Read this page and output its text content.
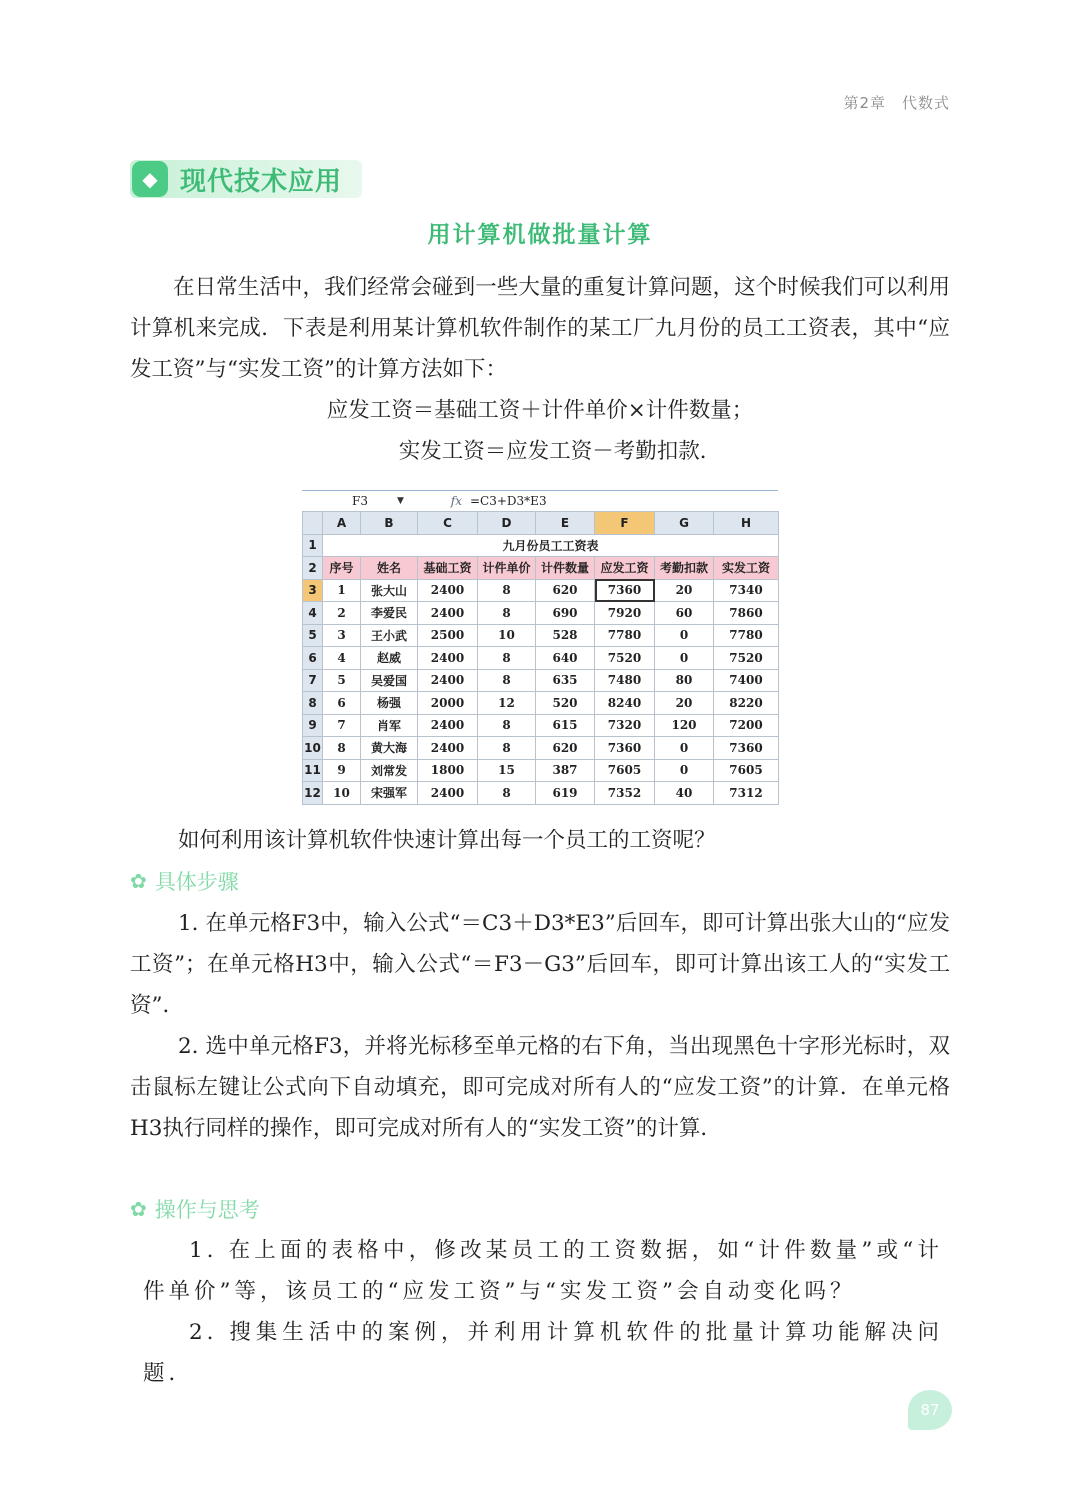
第2章　代数式
◆ 现代技术应用
用计算机做批量计算
在日常生活中，我们经常会碰到一些大量的重复计算问题，这个时候我们可以利用计算机来完成．下表是利用某计算机软件制作的某工厂九月份的员工工资表，其中“应发工资”与“实发工资”的计算方法如下：
应发工资＝基础工资＋计件单价×计件数量；
实发工资＝应发工资－考勤扣款．
F3	▼	fx =C3+D3*E3
	A	B	C	D	E	F	G	H
1	九月份员工工资表							
2	序号	姓名	基础工资	计件单价	计件数量	应发工资	考勤扣款	实发工资
3	1	张大山	2400	8	620	7360	20	7340
4	2	李爱民	2400	8	690	7920	60	7860
5	3	王小武	2500	10	528	7780	0	7780
6	4	赵威	2400	8	640	7520	0	7520
7	5	吴爱国	2400	8	635	7480	80	7400
8	6	杨强	2000	12	520	8240	20	8220
9	7	肖军	2400	8	615	7320	120	7200
10	8	黄大海	2400	8	620	7360	0	7360
11	9	刘常发	1800	15	387	7605	0	7605
12	10	宋强军	2400	8	619	7352	40	7312
如何利用该计算机软件快速计算出每一个员工的工资呢？
✿ 具体步骤
1. 在单元格F3中，输入公式“＝C3＋D3*E3”后回车，即可计算出张大山的“应发工资”；在单元格H3中，输入公式“＝F3－G3”后回车，即可计算出该工人的“实发工资”．
2. 选中单元格F3，并将光标移至单元格的右下角，当出现黑色十字形光标时，双击鼠标左键让公式向下自动填充，即可完成对所有人的“应发工资”的计算．在单元格H3执行同样的操作，即可完成对所有人的“实发工资”的计算．
✿ 操作与思考
1. 在上面的表格中，修改某员工的工资数据，如“计件数量”或“计件单价”等，该员工的“应发工资”与“实发工资”会自动变化吗？
2. 搜集生活中的案例，并利用计算机软件的批量计算功能解决问题．
87
